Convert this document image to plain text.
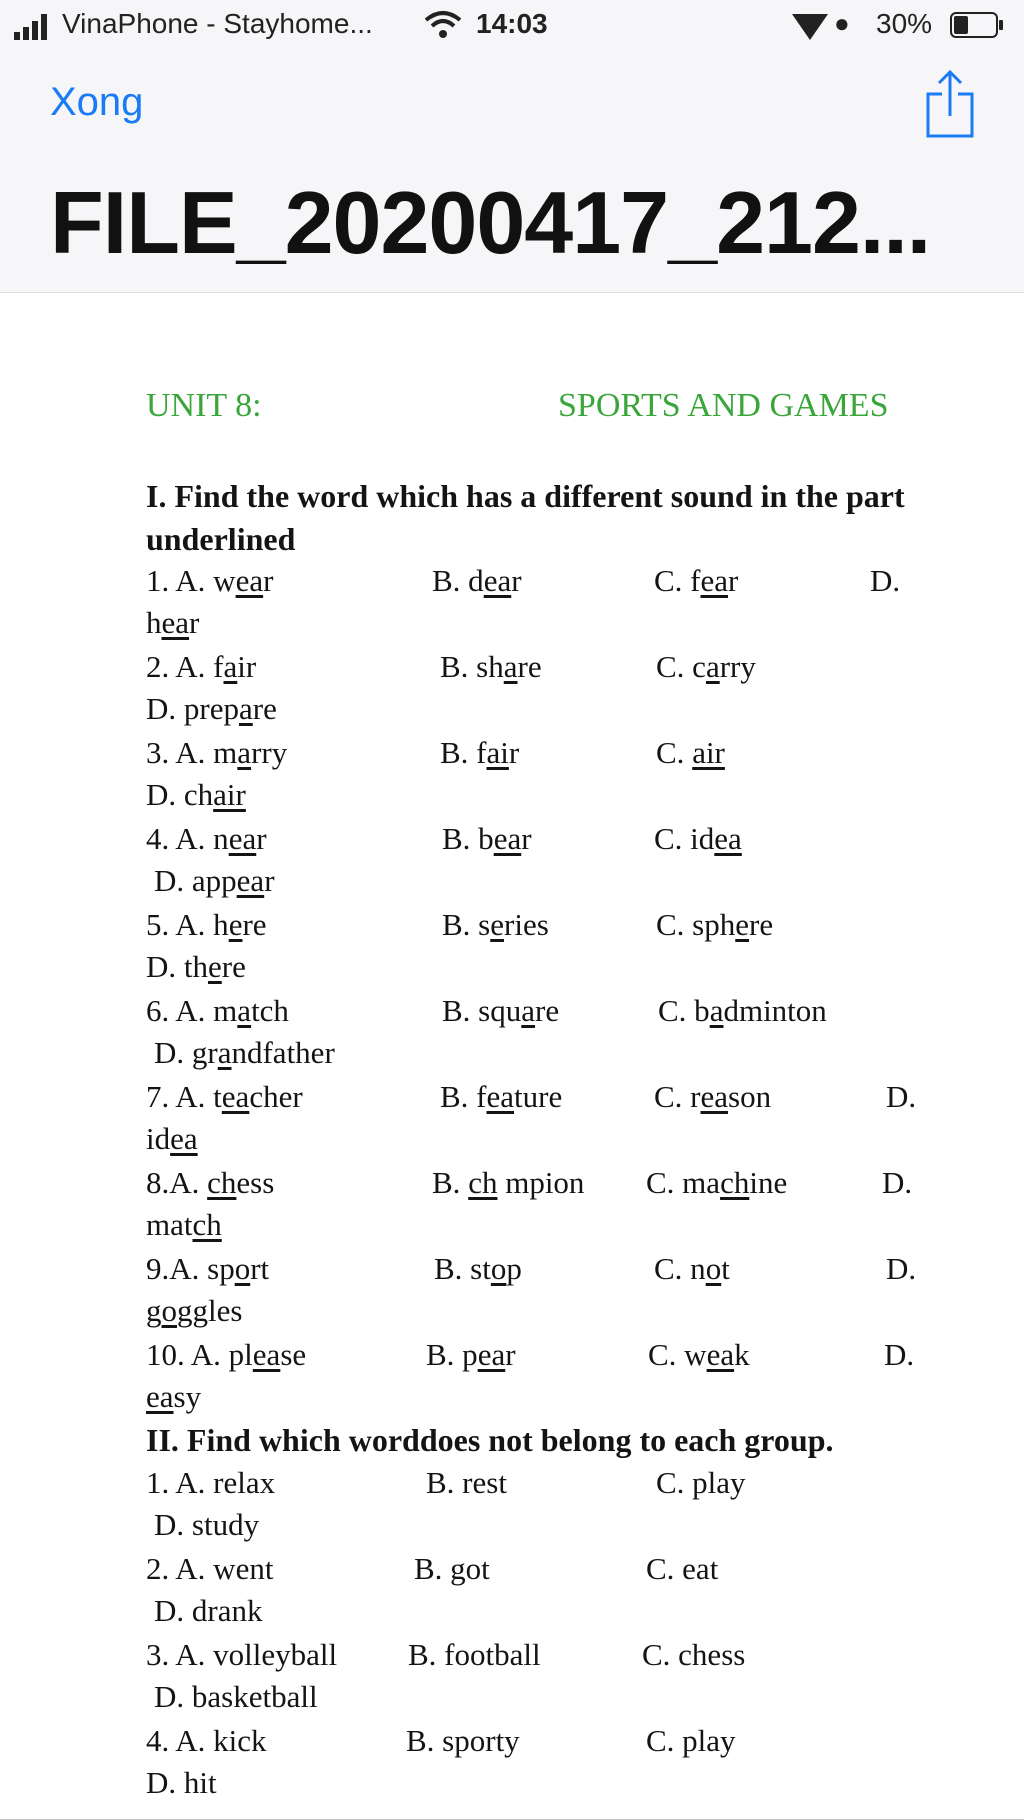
VinaPhone - Stayhome...	14:03	● 30%
Xong
FILE_20200417_212...
UNIT 8:	SPORTS AND GAMES
I. Find the word which has a different sound in the part underlined
1. A. wear	B. dear	C. fear	D.
hear
2. A. fair	B. share	C. carry
D. prepare
3. A. marry	B. fair	C. air
D. chair
4. A. near	B. bear	C. idea
D. appear
5. A. here	B. series	C. sphere
D. there
6. A. match	B. square	C. badminton
D. grandfather
7. A. teacher	B. feature	C. reason	D.
idea
8.A. chess	B. ch mpion C. machine	D.
match
9.A. sport	B. stop	C. not	D.
goggles
10. A. please	B. pear	C. weak	D.
easy
II. Find which worddoes not belong to each group.
1. A. relax	B. rest	C. play
D. study
2. A. went	B. got	C. eat
D. drank
3. A. volleyball B. football	C. chess
D. basketball
4. A. kick	B. sporty	C. play
D. hit
